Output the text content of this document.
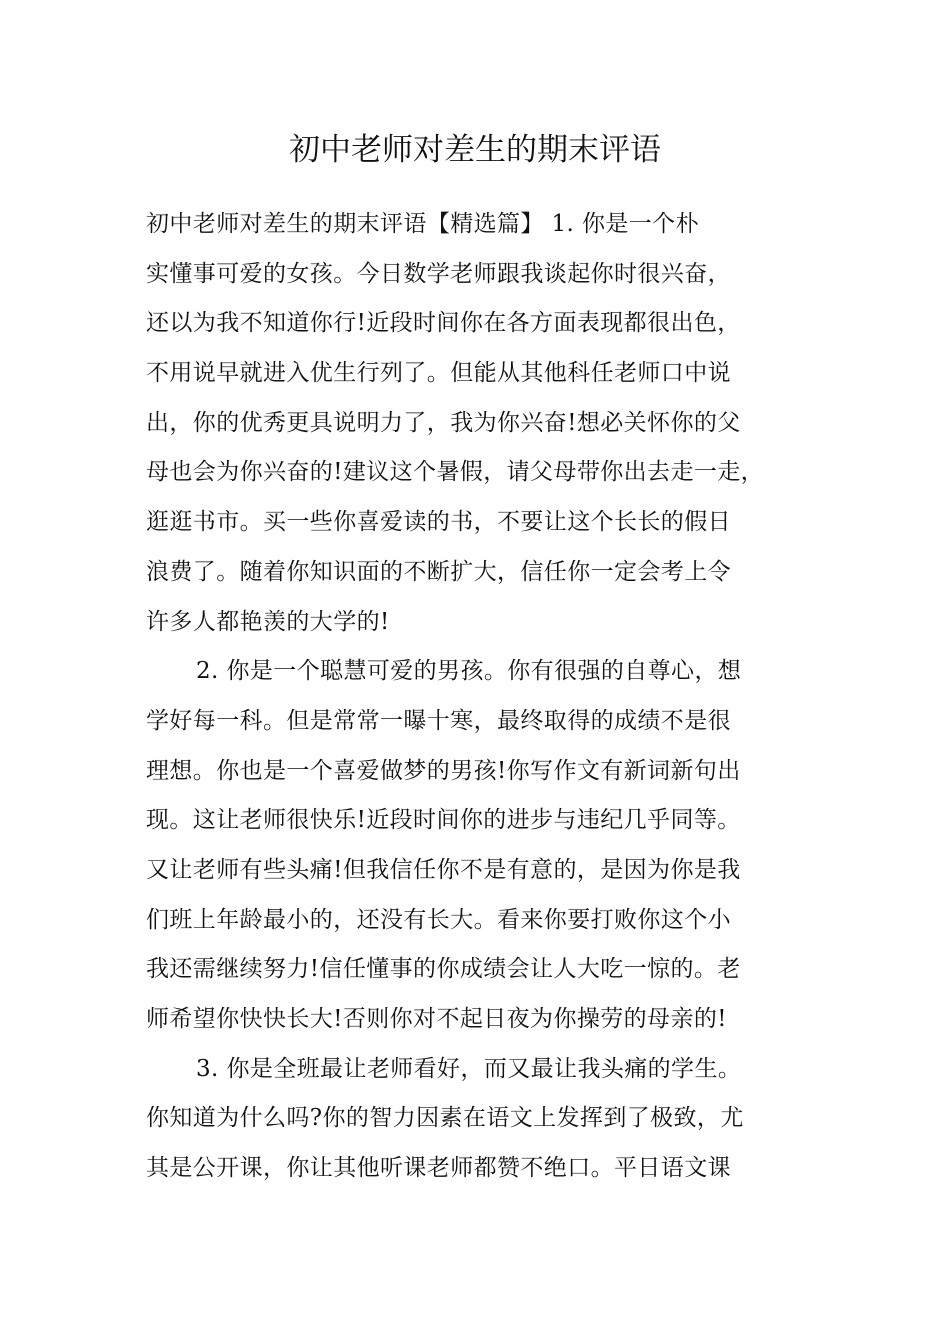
初中老师对差生的期末评语
初中老师对差生的期末评语【精选篇】 1. 你是一个朴
实懂事可爱的女孩。今日数学老师跟我谈起你时很兴奋，
还以为我不知道你行!近段时间你在各方面表现都很出色，
不用说早就进入优生行列了。但能从其他科任老师口中说
出，你的优秀更具说明力了，我为你兴奋!想必关怀你的父
母也会为你兴奋的!建议这个暑假，请父母带你出去走一走，
逛逛书市。买一些你喜爱读的书，不要让这个长长的假日
浪费了。随着你知识面的不断扩大，信任你一定会考上令
许多人都艳羡的大学的!
2. 你是一个聪慧可爱的男孩。你有很强的自尊心，想
学好每一科。但是常常一曝十寒，最终取得的成绩不是很
理想。你也是一个喜爱做梦的男孩!你写作文有新词新句出
现。这让老师很快乐!近段时间你的进步与违纪几乎同等。
又让老师有些头痛!但我信任你不是有意的，是因为你是我
们班上年龄最小的，还没有长大。看来你要打败你这个小
我还需继续努力!信任懂事的你成绩会让人大吃一惊的。老
师希望你快快长大!否则你对不起日夜为你操劳的母亲的!
3. 你是全班最让老师看好，而又最让我头痛的学生。
你知道为什么吗?你的智力因素在语文上发挥到了极致，尤
其是公开课，你让其他听课老师都赞不绝口。平日语文课
